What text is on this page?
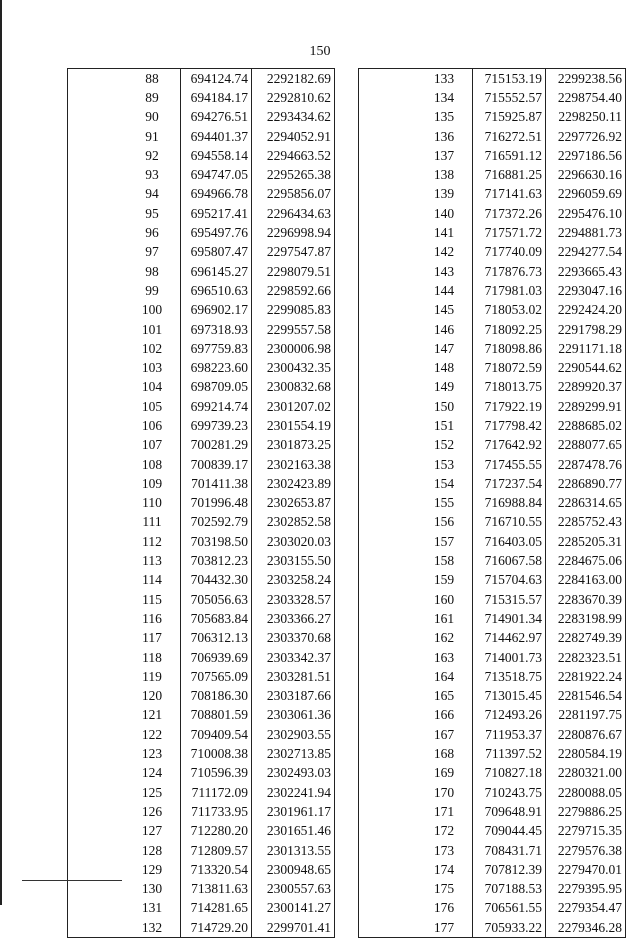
150
	88	694124.74	2292182.69
	89	694184.17	2292810.62
	90	694276.51	2293434.62
	91	694401.37	2294052.91
	92	694558.14	2294663.52
	93	694747.05	2295265.38
	94	694966.78	2295856.07
	95	695217.41	2296434.63
	96	695497.76	2296998.94
	97	695807.47	2297547.87
	98	696145.27	2298079.51
	99	696510.63	2298592.66
	100	696902.17	2299085.83
	101	697318.93	2299557.58
	102	697759.83	2300006.98
	103	698223.60	2300432.35
	104	698709.05	2300832.68
	105	699214.74	2301207.02
	106	699739.23	2301554.19
	107	700281.29	2301873.25
	108	700839.17	2302163.38
	109	701411.38	2302423.89
	110	701996.48	2302653.87
	111	702592.79	2302852.58
	112	703198.50	2303020.03
	113	703812.23	2303155.50
	114	704432.30	2303258.24
	115	705056.63	2303328.57
	116	705683.84	2303366.27
	117	706312.13	2303370.68
	118	706939.69	2303342.37
	119	707565.09	2303281.51
	120	708186.30	2303187.66
	121	708801.59	2303061.36
	122	709409.54	2302903.55
	123	710008.38	2302713.85
	124	710596.39	2302493.03
	125	711172.09	2302241.94
	126	711733.95	2301961.17
	127	712280.20	2301651.46
	128	712809.57	2301313.55
	129	713320.54	2300948.65
	130	713811.63	2300557.63
	131	714281.65	2300141.27
	132	714729.20	2299701.41
	133	715153.19	2299238.56
	134	715552.57	2298754.40
	135	715925.87	2298250.11
	136	716272.51	2297726.92
	137	716591.12	2297186.56
	138	716881.25	2296630.16
	139	717141.63	2296059.69
	140	717372.26	2295476.10
	141	717571.72	2294881.73
	142	717740.09	2294277.54
	143	717876.73	2293665.43
	144	717981.03	2293047.16
	145	718053.02	2292424.20
	146	718092.25	2291798.29
	147	718098.86	2291171.18
	148	718072.59	2290544.62
	149	718013.75	2289920.37
	150	717922.19	2289299.91
	151	717798.42	2288685.02
	152	717642.92	2288077.65
	153	717455.55	2287478.76
	154	717237.54	2286890.77
	155	716988.84	2286314.65
	156	716710.55	2285752.43
	157	716403.05	2285205.31
	158	716067.58	2284675.06
	159	715704.63	2284163.00
	160	715315.57	2283670.39
	161	714901.34	2283198.99
	162	714462.97	2282749.39
	163	714001.73	2282323.51
	164	713518.75	2281922.24
	165	713015.45	2281546.54
	166	712493.26	2281197.75
	167	711953.37	2280876.67
	168	711397.52	2280584.19
	169	710827.18	2280321.00
	170	710243.75	2280088.05
	171	709648.91	2279886.25
	172	709044.45	2279715.35
	173	708431.71	2279576.38
	174	707812.39	2279470.01
	175	707188.53	2279395.95
	176	706561.55	2279354.47
	177	705933.22	2279346.28
